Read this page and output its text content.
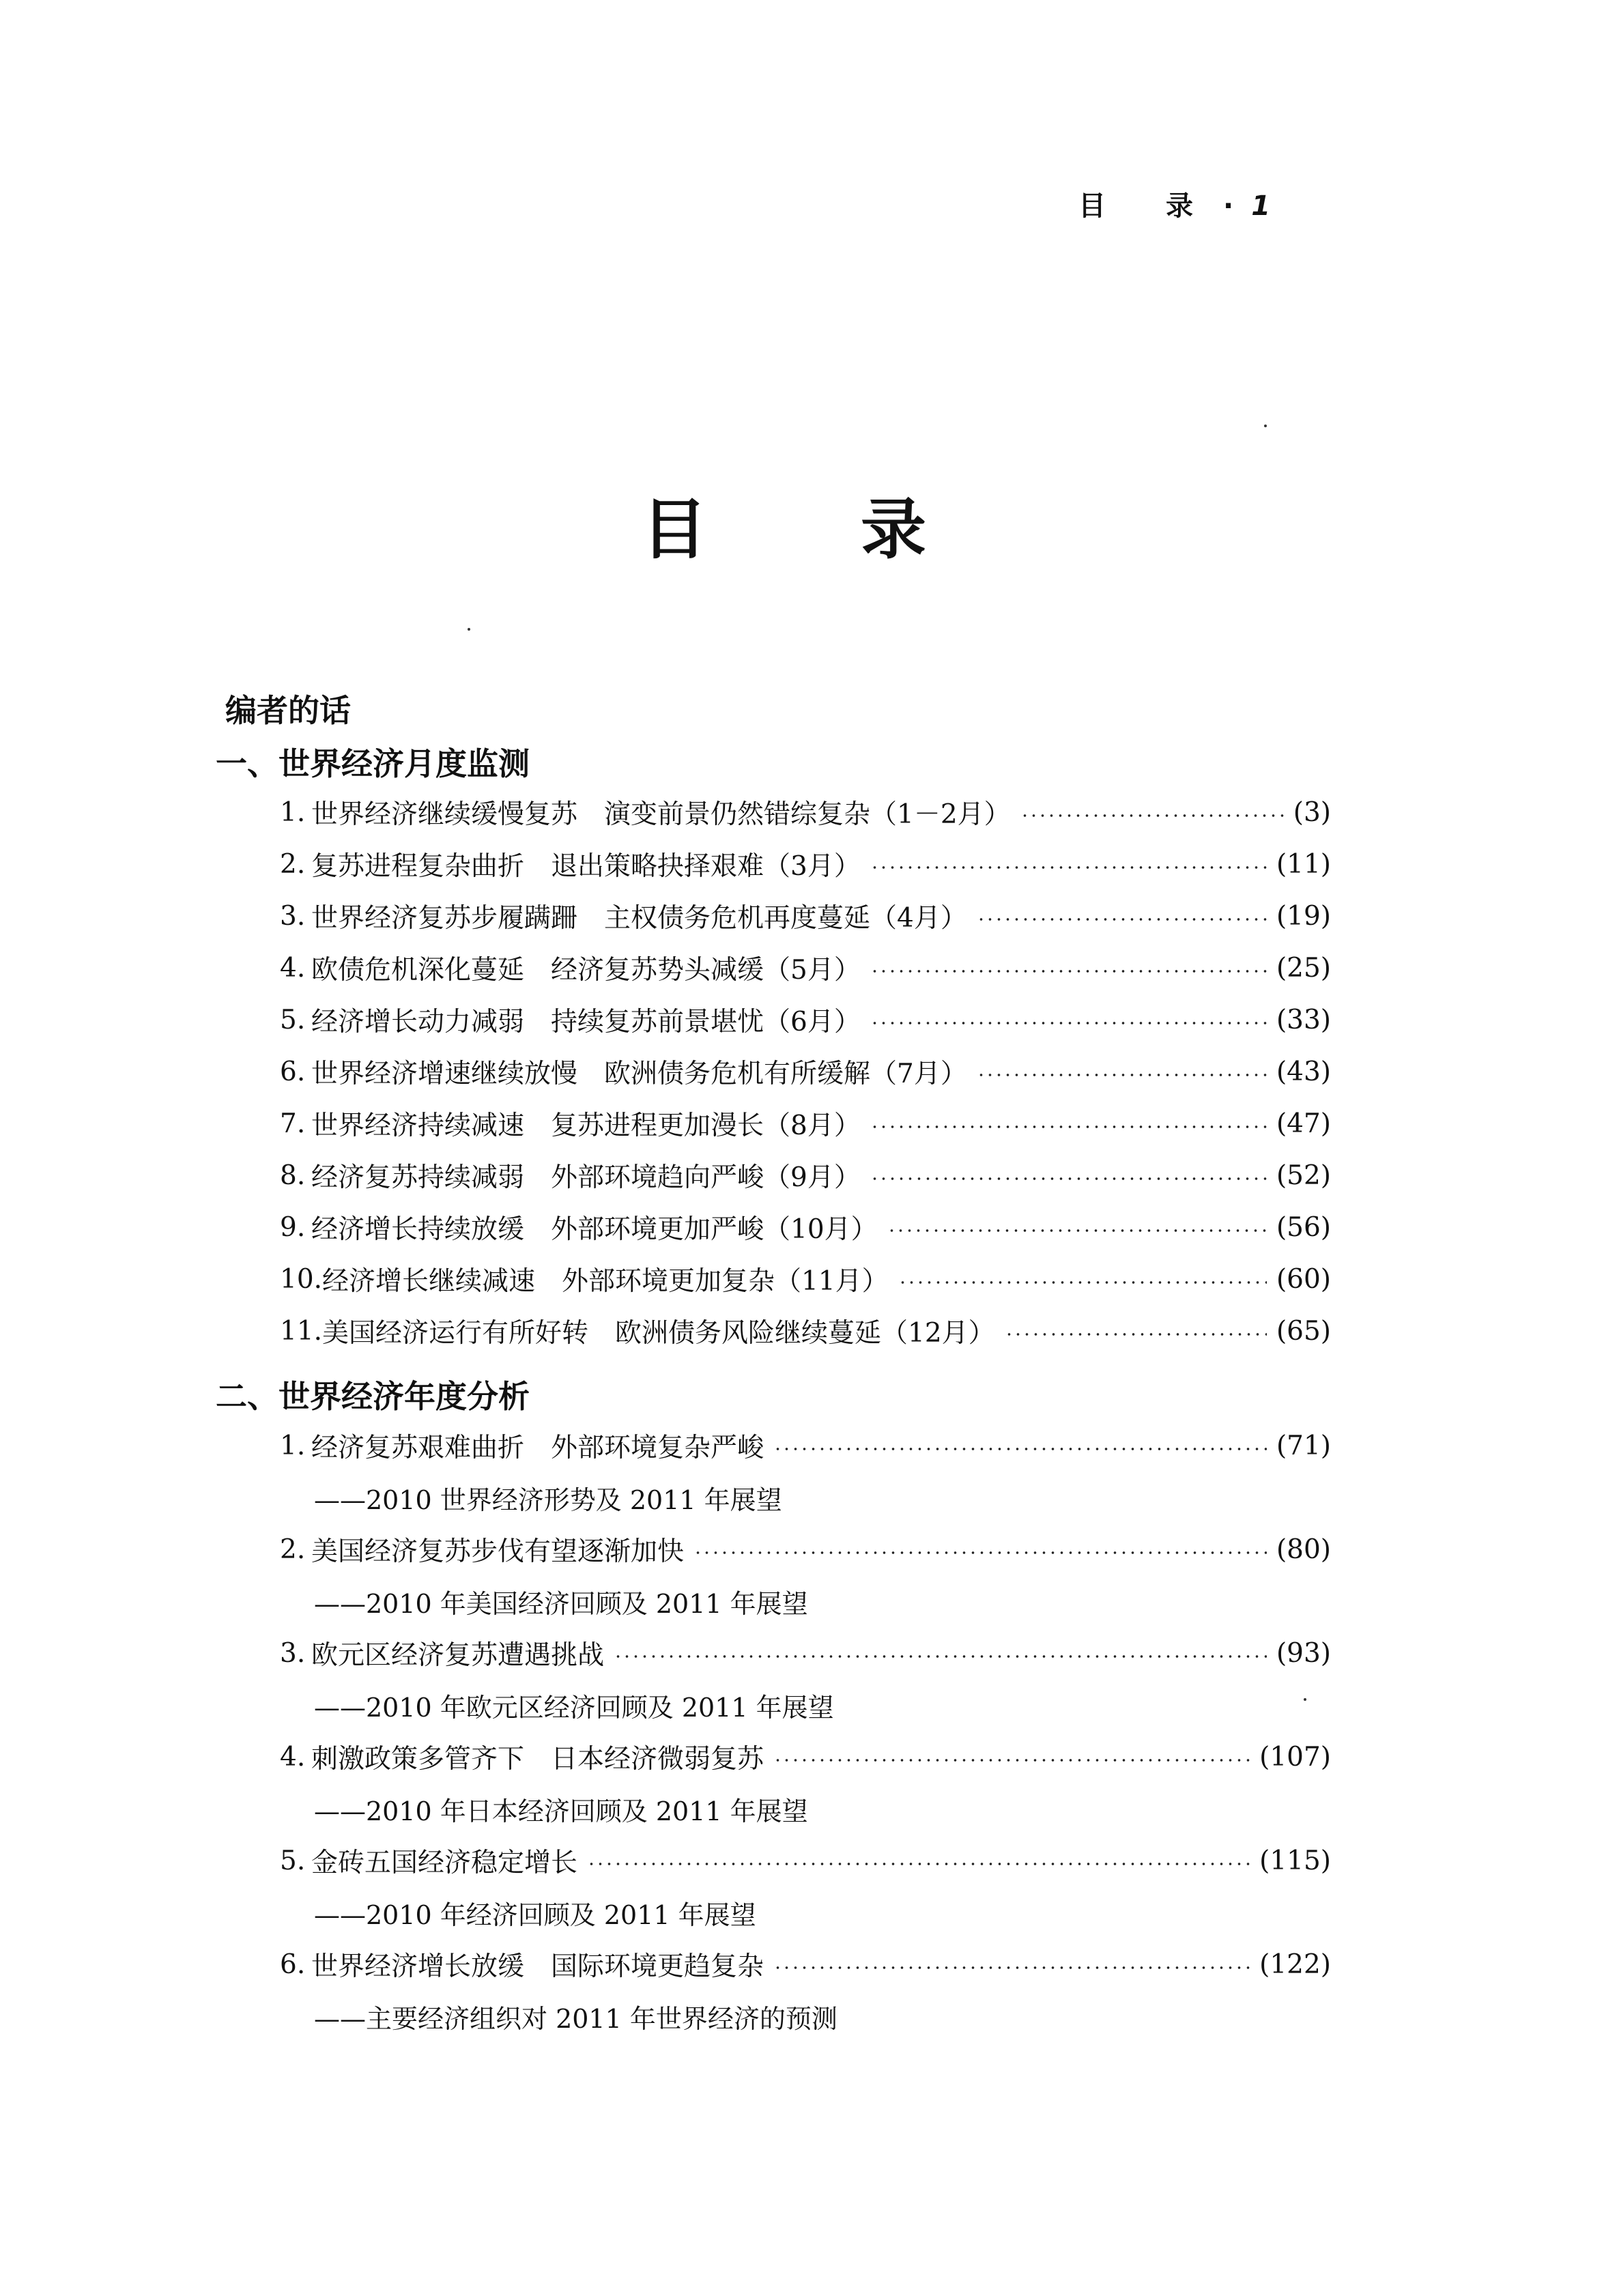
目 录 · 1
目 录
编者的话
一、世界经济月度监测
二、世界经济年度分析
1. 世界经济继续缓慢复苏　演变前景仍然错综复杂（1－2月）	(3)
2. 复苏进程复杂曲折　退出策略抉择艰难（3月）	(11)
3. 世界经济复苏步履蹒跚　主权债务危机再度蔓延（4月）	(19)
4. 欧债危机深化蔓延　经济复苏势头减缓（5月）	(25)
5. 经济增长动力减弱　持续复苏前景堪忧（6月）	(33)
6. 世界经济增速继续放慢　欧洲债务危机有所缓解（7月）	(43)
7. 世界经济持续减速　复苏进程更加漫长（8月）	(47)
8. 经济复苏持续减弱　外部环境趋向严峻（9月）	(52)
9. 经济增长持续放缓　外部环境更加严峻（10月）	(56)
10. 经济增长继续减速　外部环境更加复杂（11月）	(60)
11. 美国经济运行有所好转　欧洲债务风险继续蔓延（12月）	(65)
1. 经济复苏艰难曲折　外部环境复杂严峻	(71)
——2010 世界经济形势及 2011 年展望
2. 美国经济复苏步伐有望逐渐加快	(80)
——2010 年美国经济回顾及 2011 年展望
3. 欧元区经济复苏遭遇挑战	(93)
——2010 年欧元区经济回顾及 2011 年展望
4. 刺激政策多管齐下　日本经济微弱复苏	(107)
——2010 年日本经济回顾及 2011 年展望
5. 金砖五国经济稳定增长	(115)
——2010 年经济回顾及 2011 年展望
6. 世界经济增长放缓　国际环境更趋复杂	(122)
——主要经济组织对 2011 年世界经济的预测
